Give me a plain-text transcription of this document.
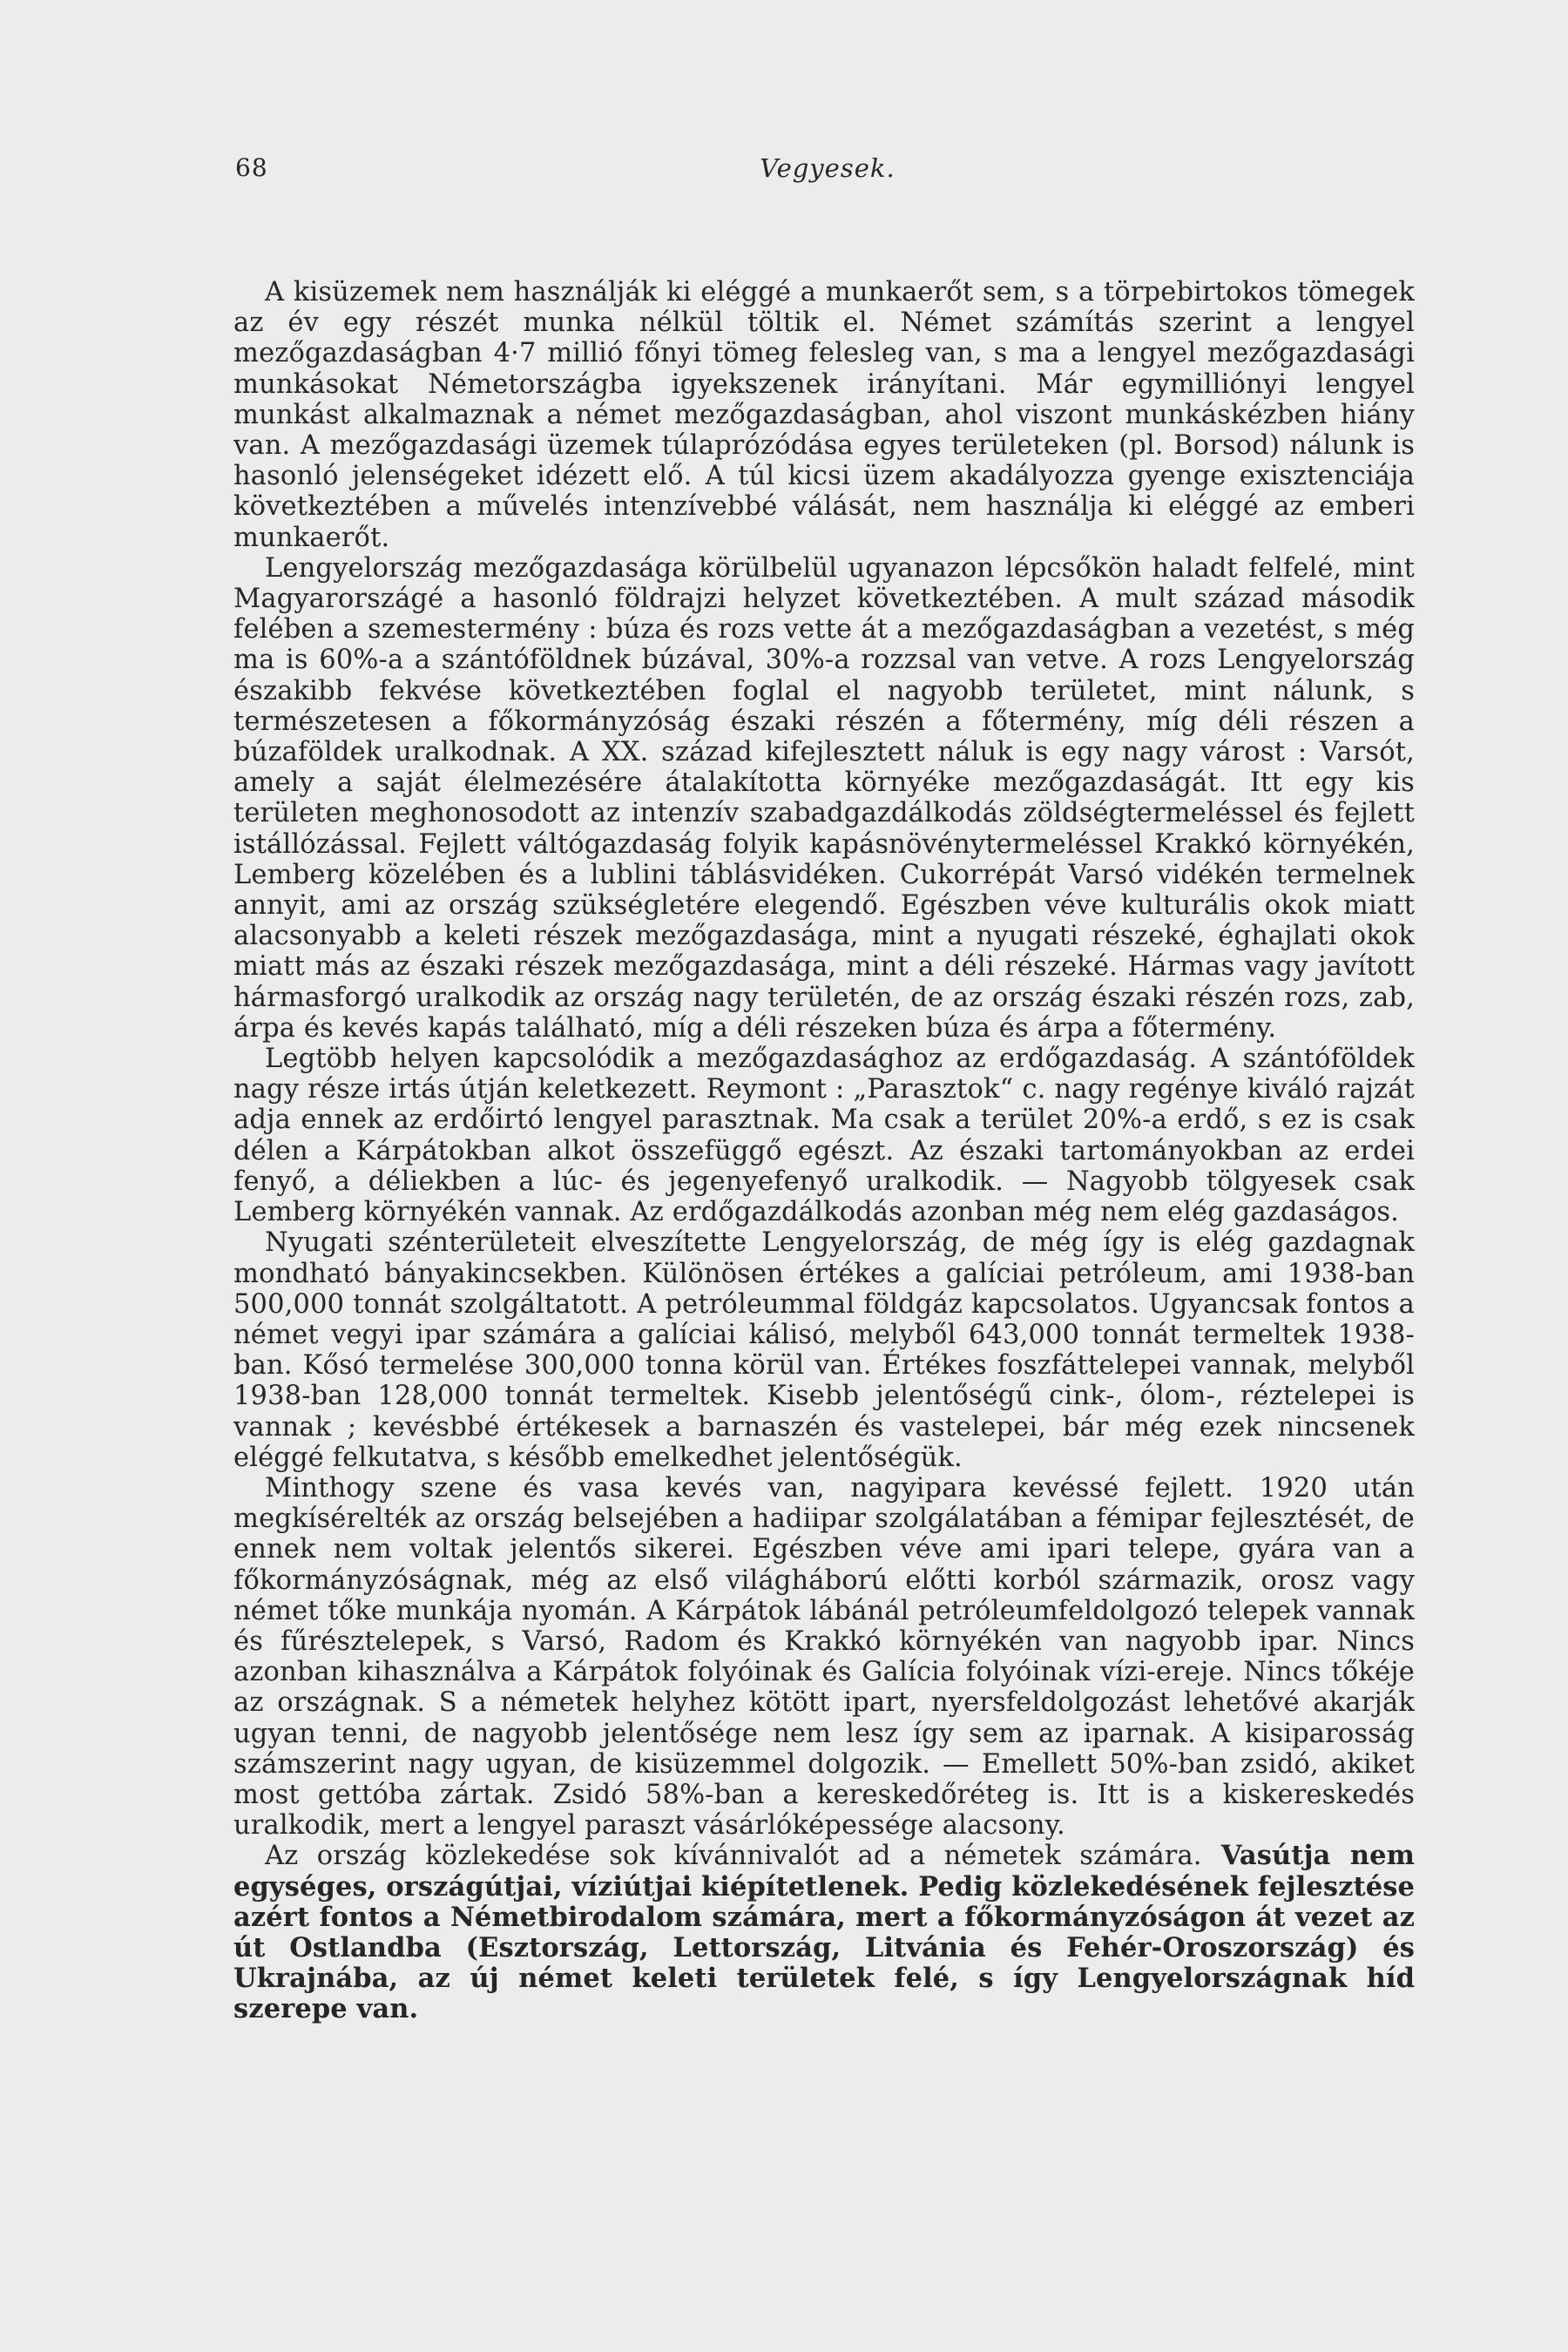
68	Vegyesek.

A kisüzemek nem használják ki eléggé a munkaerőt sem, s a törpebirtokos tömegek az év egy részét munka nélkül töltik el. Német számítás szerint a lengyel mezőgazdaságban 4·7 millió főnyi tömeg felesleg van, s ma a lengyel mezőgazdasági munkásokat Németországba igyekszenek irányítani. Már egymilliónyi lengyel munkást alkalmaznak a német mezőgazdaságban, ahol viszont munkáskézben hiány van. A mezőgazdasági üzemek túlaprózódása egyes területeken (pl. Borsod) nálunk is hasonló jelenségeket idézett elő. A túl kicsi üzem akadályozza gyenge exisztenciája következtében a művelés intenzívebbé válását, nem használja ki eléggé az emberi munkaerőt.

Lengyelország mezőgazdasága körülbelül ugyanazon lépcsőkön haladt felfelé, mint Magyarországé a hasonló földrajzi helyzet következtében. A mult század második felében a szemestermény : búza és rozs vette át a mezőgazdaságban a vezetést, s még ma is 60%-a a szántóföldnek búzával, 30%-a rozzsal van vetve. A rozs Lengyelország északibb fekvése következtében foglal el nagyobb területet, mint nálunk, s természetesen a főkormányzóság északi részén a főtermény, míg déli részen a búzaföldek uralkodnak. A XX. század kifejlesztett náluk is egy nagy várost : Varsót, amely a saját élelmezésére átalakította környéke mezőgazdaságát. Itt egy kis területen meghonosodott az intenzív szabadgazdálkodás zöldségtermeléssel és fejlett istállózással. Fejlett váltógazdaság folyik kapásnövénytermeléssel Krakkó környékén, Lemberg közelében és a lublini táblásvidéken. Cukorrépát Varsó vidékén termelnek annyit, ami az ország szükségletére elegendő. Egészben véve kulturális okok miatt alacsonyabb a keleti részek mezőgazdasága, mint a nyugati részeké, éghajlati okok miatt más az északi részek mezőgazdasága, mint a déli részeké. Hármas vagy javított hármasforgó uralkodik az ország nagy területén, de az ország északi részén rozs, zab, árpa és kevés kapás található, míg a déli részeken búza és árpa a főtermény.

Legtöbb helyen kapcsolódik a mezőgazdasághoz az erdőgazdaság. A szántóföldek nagy része irtás útján keletkezett. Reymont : „Parasztok“ c. nagy regénye kiváló rajzát adja ennek az erdőirtó lengyel parasztnak. Ma csak a terület 20%-a erdő, s ez is csak délen a Kárpátokban alkot összefüggő egészt. Az északi tartományokban az erdei fenyő, a déliekben a lúc- és jegenyefenyő uralkodik. — Nagyobb tölgyesek csak Lemberg környékén vannak. Az erdőgazdálkodás azonban még nem elég gazdaságos.

Nyugati szénterületeit elveszítette Lengyelország, de még így is elég gazdagnak mondható bányakincsekben. Különösen értékes a galíciai petróleum, ami 1938-ban 500,000 tonnát szolgáltatott. A petróleummal földgáz kapcsolatos. Ugyancsak fontos a német vegyi ipar számára a galíciai kálisó, melyből 643,000 tonnát termeltek 1938-ban. Kősó termelése 300,000 tonna körül van. Értékes foszfáttelepei vannak, melyből 1938-ban 128,000 tonnát termeltek. Kisebb jelentőségű cink-, ólom-, réztelepei is vannak ; kevésbbé értékesek a barnaszén és vastelepei, bár még ezek nincsenek eléggé felkutatva, s később emelkedhet jelentőségük.

Minthogy szene és vasa kevés van, nagyipara kevéssé fejlett. 1920 után megkísérelték az ország belsejében a hadiipar szolgálatában a fémipar fejlesztését, de ennek nem voltak jelentős sikerei. Egészben véve ami ipari telepe, gyára van a főkormányzóságnak, még az első világháború előtti korból származik, orosz vagy német tőke munkája nyomán. A Kárpátok lábánál petróleumfeldolgozó telepek vannak és fűrésztelepek, s Varsó, Radom és Krakkó környékén van nagyobb ipar. Nincs azonban kihasználva a Kárpátok folyóinak és Galícia folyóinak vízi-ereje. Nincs tőkéje az országnak. S a németek helyhez kötött ipart, nyersfeldolgozást lehetővé akarják ugyan tenni, de nagyobb jelentősége nem lesz így sem az iparnak. A kisiparosság számszerint nagy ugyan, de kisüzemmel dolgozik. — Emellett 50%-ban zsidó, akiket most gettóba zártak. Zsidó 58%-ban a kereskedőréteg is. Itt is a kiskereskedés uralkodik, mert a lengyel paraszt vásárlóképessége alacsony.

Az ország közlekedése sok kívánnivalót ad a németek számára. Vasútja nem egységes, országútjai, víziútjai kiépítetlenek. Pedig közlekedésének fejlesztése azért fontos a Németbirodalom számára, mert a főkormányzóságon át vezet az út Ostlandba (Esztország, Lettország, Litvánia és Fehér-Oroszország) és Ukrajnába, az új német keleti területek felé, s így Lengyelországnak híd szerepe van.
